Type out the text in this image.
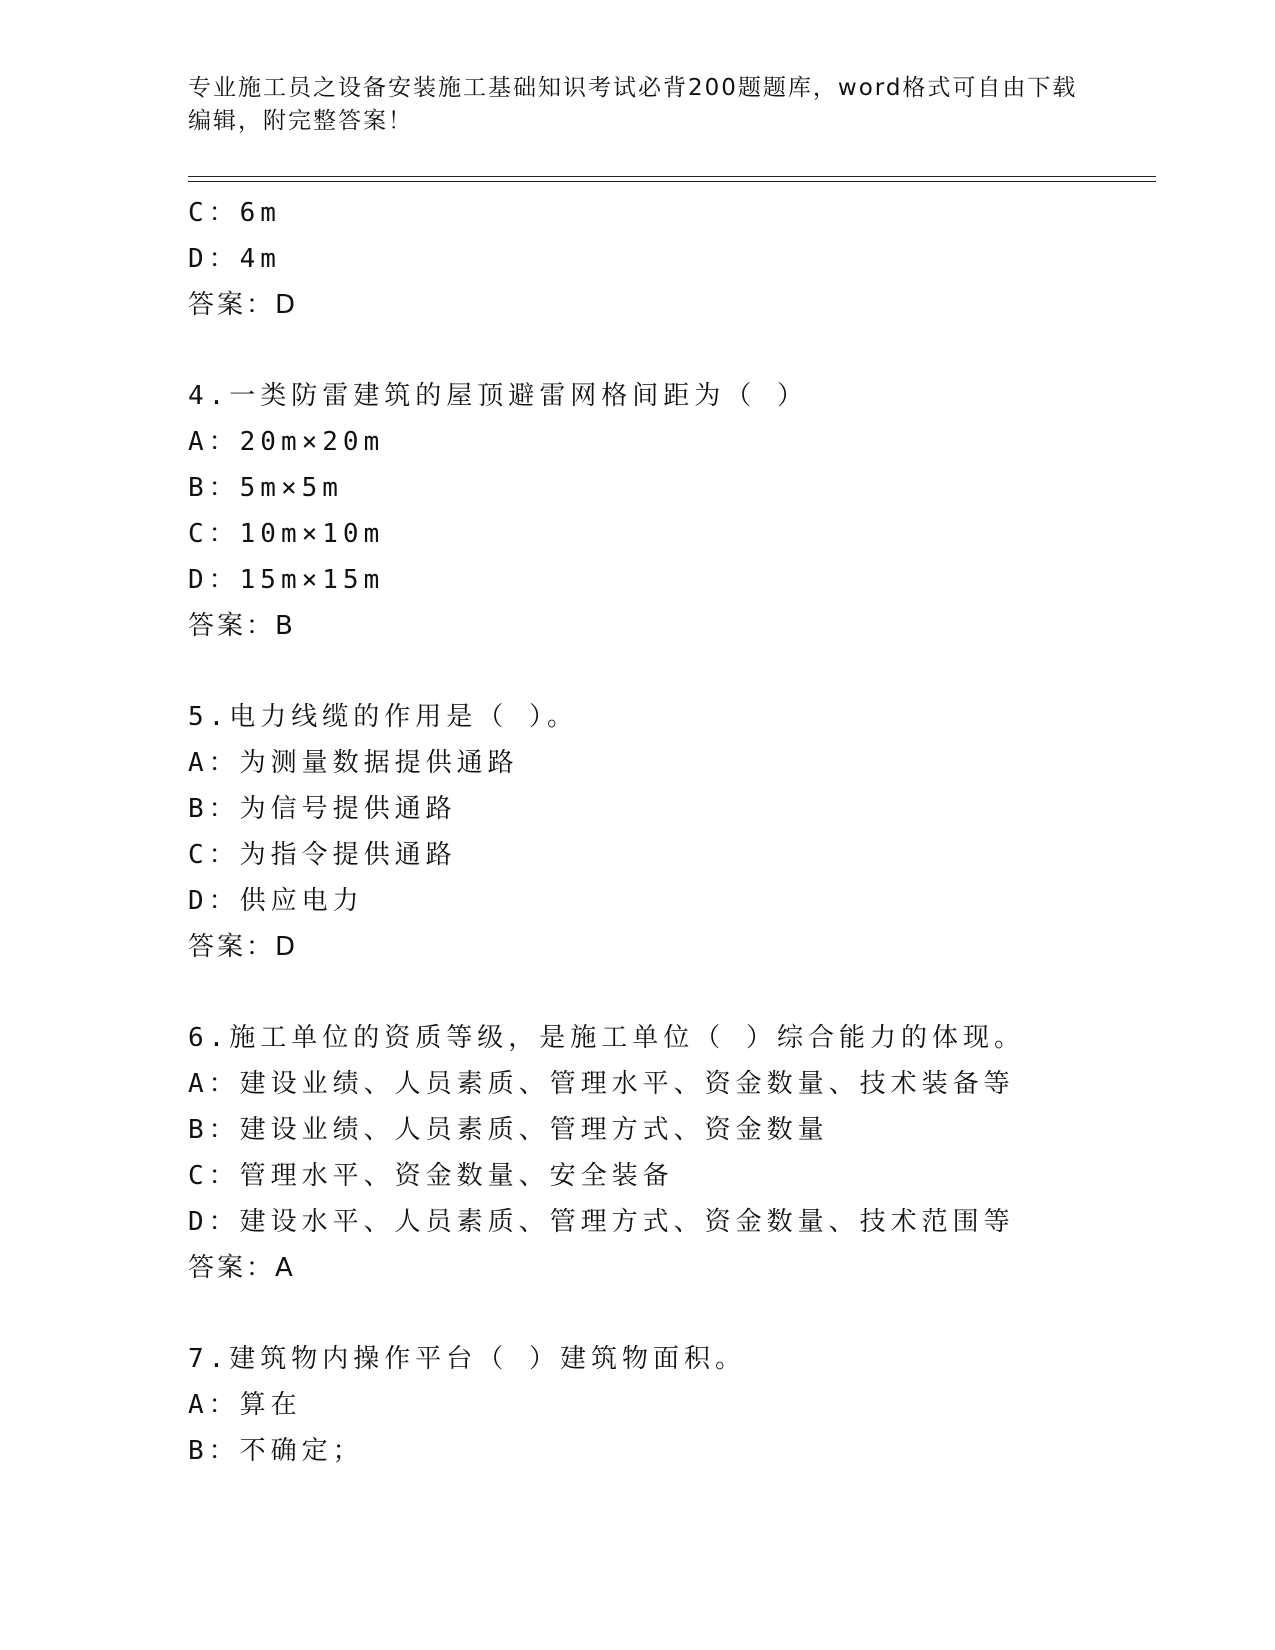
专业施工员之设备安装施工基础知识考试必背200题题库，word格式可自由下载
编辑，附完整答案！
C：6m
D：4m
答案：D
4.一类防雷建筑的屋顶避雷网格间距为（ ）
A：20m×20m
B：5m×5m
C：10m×10m
D：15m×15m
答案：B
5.电力线缆的作用是（ ）。
A：为测量数据提供通路
B：为信号提供通路
C：为指令提供通路
D：供应电力
答案：D
6.施工单位的资质等级，是施工单位（ ）综合能力的体现。
A：建设业绩、人员素质、管理水平、资金数量、技术装备等
B：建设业绩、人员素质、管理方式、资金数量
C：管理水平、资金数量、安全装备
D：建设水平、人员素质、管理方式、资金数量、技术范围等
答案：A
7.建筑物内操作平台（ ）建筑物面积。
A：算在
B：不确定；
